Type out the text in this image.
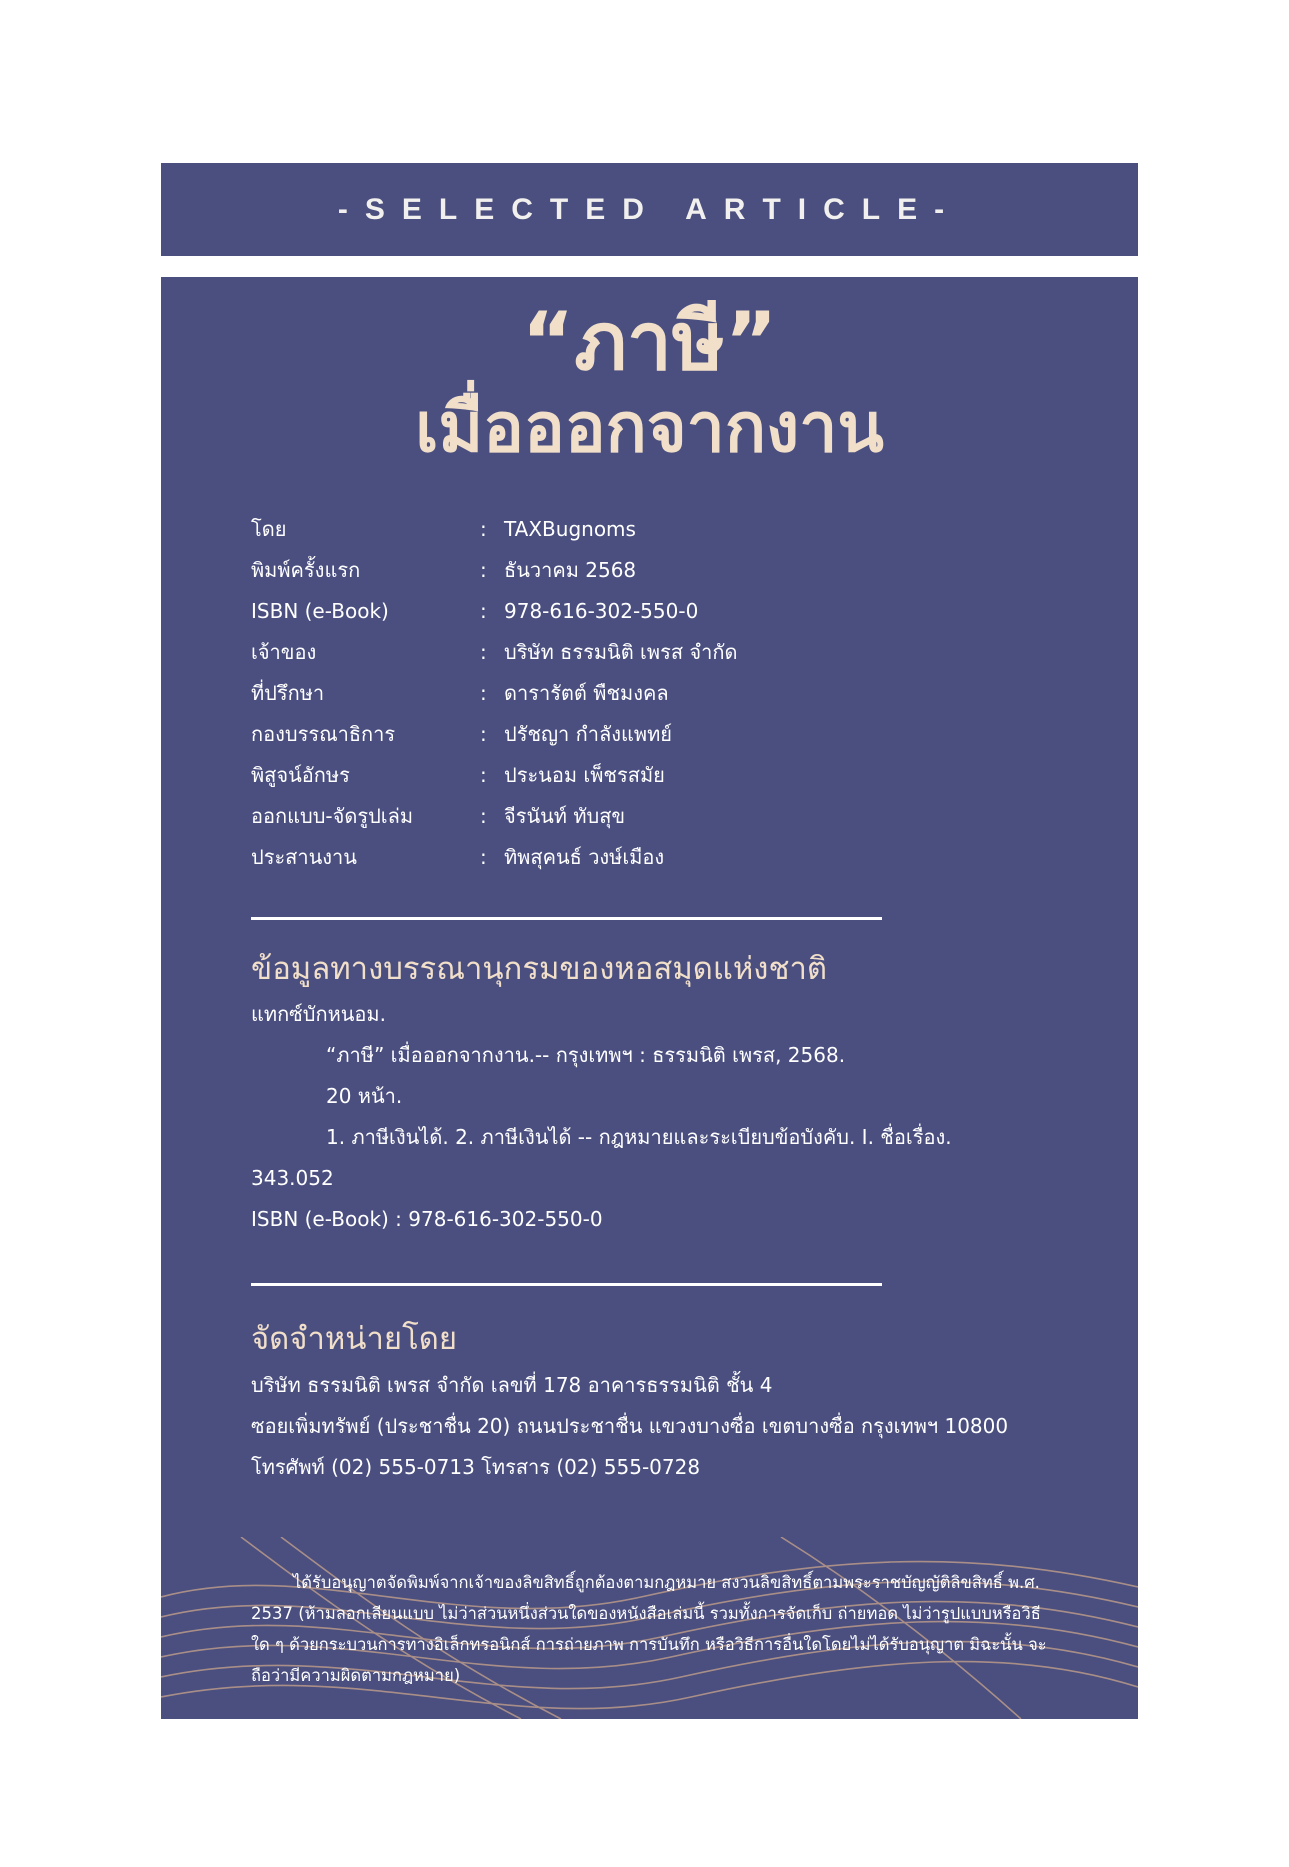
-SELECTED ARTICLE-
“ภาษี”
เมื่อออกจากงาน
โดย	: TAXBugnoms
พิมพ์ครั้งแรก	: ธันวาคม 2568
ISBN (e-Book)	: 978-616-302-550-0
เจ้าของ	: บริษัท ธรรมนิติ เพรส จำกัด
ที่ปรึกษา	: ดารารัตต์ พืชมงคล
กองบรรณาธิการ	: ปรัชญา กำลังแพทย์
พิสูจน์อักษร	: ประนอม เพ็ชรสมัย
ออกแบบ-จัดรูปเล่ม	: จีรนันท์ ทับสุข
ประสานงาน	: ทิพสุคนธ์ วงษ์เมือง
ข้อมูลทางบรรณานุกรมของหอสมุดแห่งชาติ
แทกซ์บักหนอม.
“ภาษี” เมื่อออกจากงาน.-- กรุงเทพฯ : ธรรมนิติ เพรส, 2568.
20 หน้า.
1. ภาษีเงินได้. 2. ภาษีเงินได้ -- กฎหมายและระเบียบข้อบังคับ. I. ชื่อเรื่อง.
343.052
ISBN (e-Book) : 978-616-302-550-0
จัดจำหน่ายโดย
บริษัท ธรรมนิติ เพรส จำกัด เลขที่ 178 อาคารธรรมนิติ ชั้น 4
ซอยเพิ่มทรัพย์ (ประชาชื่น 20) ถนนประชาชื่น แขวงบางซื่อ เขตบางซื่อ กรุงเทพฯ 10800
โทรศัพท์ (02) 555-0713 โทรสาร (02) 555-0728
ได้รับอนุญาตจัดพิมพ์จากเจ้าของลิขสิทธิ์ถูกต้องตามกฎหมาย สงวนลิขสิทธิ์ตามพระราชบัญญัติลิขสิทธิ์ พ.ศ. 2537 (ห้ามลอกเลียนแบบ ไม่ว่าส่วนหนึ่งส่วนใดของหนังสือเล่มนี้ รวมทั้งการจัดเก็บ ถ่ายทอด ไม่ว่ารูปแบบหรือวิธีใด ๆ ด้วยกระบวนการทางอิเล็กทรอนิกส์ การถ่ายภาพ การบันทึก หรือวิธีการอื่นใดโดยไม่ได้รับอนุญาต มิฉะนั้น จะถือว่ามีความผิดตามกฎหมาย)
